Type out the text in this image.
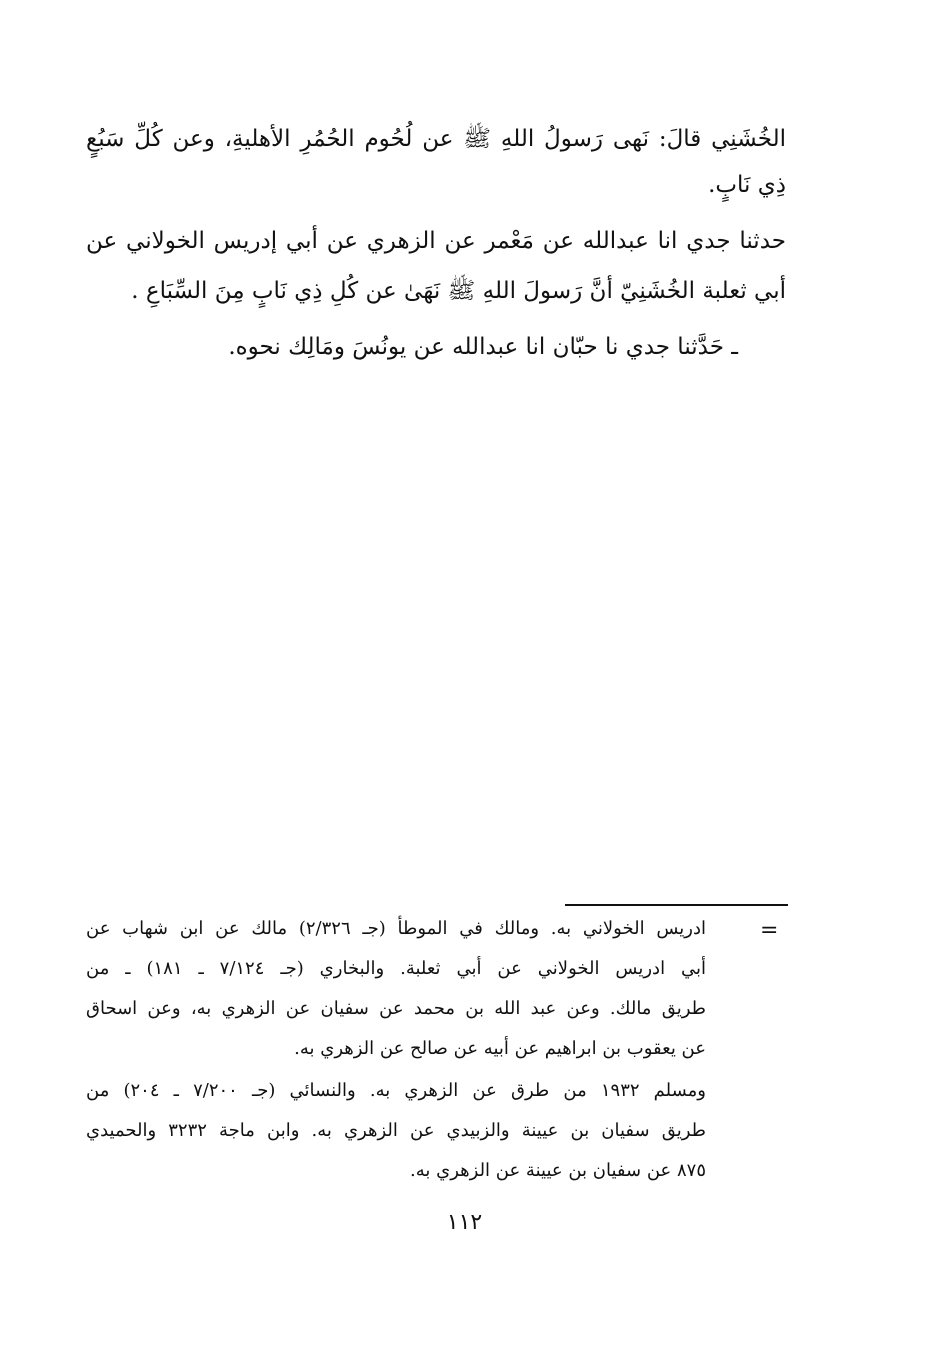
الخُشَنِي قالَ: نَهى رَسولُ اللهِ ﷺ عن لُحُوم الحُمُرِ الأهليةِ، وعن كُلِّ سَبُعٍ
ذِي نَابٍ.
حدثنا جدي انا عبدالله عن مَعْمر عن الزهري عن أبي إدريس الخولاني عن
أبي ثعلبة الخُشَنِيّ أنَّ رَسولَ اللهِ ﷺ نَهَىٰ عن كُلِ ذِي نَابٍ مِنَ السِّبَاعِ .
ـ حَدَّثنا جدي نا حبّان انا عبدالله عن يونُسَ ومَالِك نحوه.
=
ادريس الخولاني به. ومالك في الموطأ (جـ ٢/٣٢٦) مالك عن ابن شهاب عن
أبي ادريس الخولاني عن أبي ثعلبة. والبخاري (جـ ٧/١٢٤ ـ ١٨١) ـ من
طريق مالك. وعن عبد الله بن محمد عن سفيان عن الزهري به، وعن اسحاق
عن يعقوب بن ابراهيم عن أبيه عن صالح عن الزهري به.
ومسلم ١٩٣٢ من طرق عن الزهري به. والنسائي (جـ ٧/٢٠٠ ـ ٢٠٤) من
طريق سفيان بن عيينة والزبيدي عن الزهري به. وابن ماجة ٣٢٣٢ والحميدي
٨٧٥ عن سفيان بن عيينة عن الزهري به.
١١٢
